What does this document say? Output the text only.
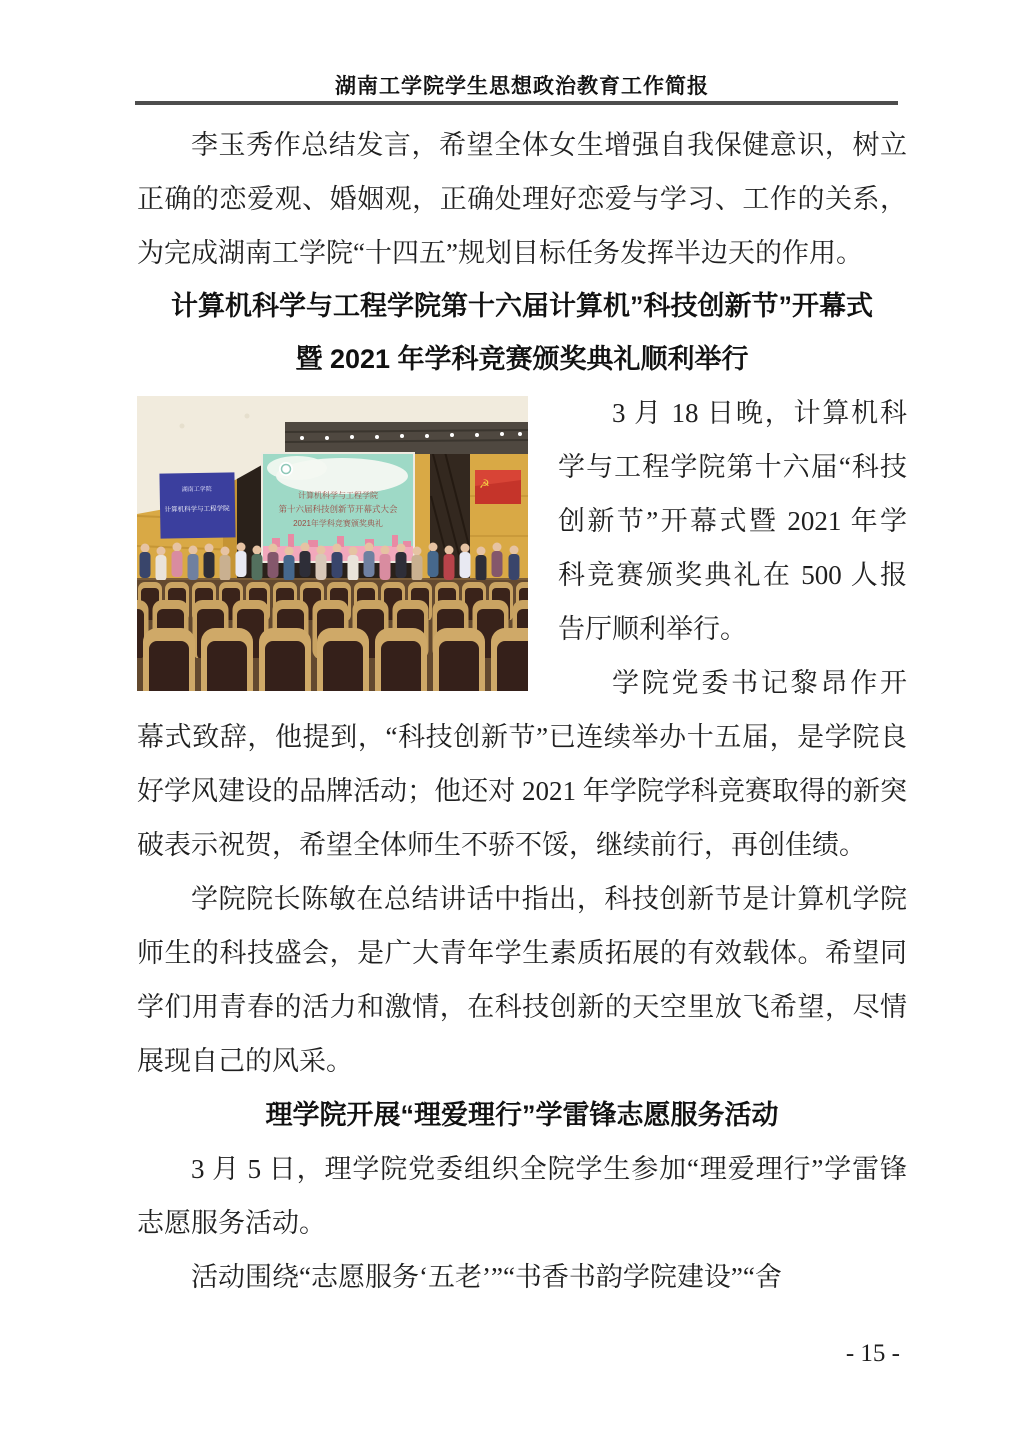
湖南工学院学生思想政治教育工作简报

李玉秀作总结发言，希望全体女生增强自我保健意识，树立正确的恋爱观、婚姻观，正确处理好恋爱与学习、工作的关系，为完成湖南工学院“十四五”规划目标任务发挥半边天的作用。

计算机科学与工程学院第十六届计算机”科技创新节”开幕式
暨 2021 年学科竞赛颁奖典礼顺利举行
计算机科学与工程学院
第十六届科技创新节开幕式大会
2021年学科竞赛颁奖典礼
湖南工学院
计算机科学与工程学院
☭

3 月 18 日晚，计算机科学与工程学院第十六届“科技创新节”开幕式暨 2021 年学科竞赛颁奖典礼在 500 人报告厅顺利举行。

学院党委书记黎昂作开幕式致辞，他提到，“科技创新节”已连续举办十五届，是学院良好学风建设的品牌活动；他还对 2021 年学院学科竞赛取得的新突破表示祝贺，希望全体师生不骄不馁，继续前行，再创佳绩。

学院院长陈敏在总结讲话中指出，科技创新节是计算机学院师生的科技盛会，是广大青年学生素质拓展的有效载体。希望同学们用青春的活力和激情，在科技创新的天空里放飞希望，尽情展现自己的风采。

理学院开展“理爱理行”学雷锋志愿服务活动

3 月 5 日，理学院党委组织全院学生参加“理爱理行”学雷锋志愿服务活动。

活动围绕“志愿服务‘五老’”“书香书韵学院建设”“舍

- 15 -
